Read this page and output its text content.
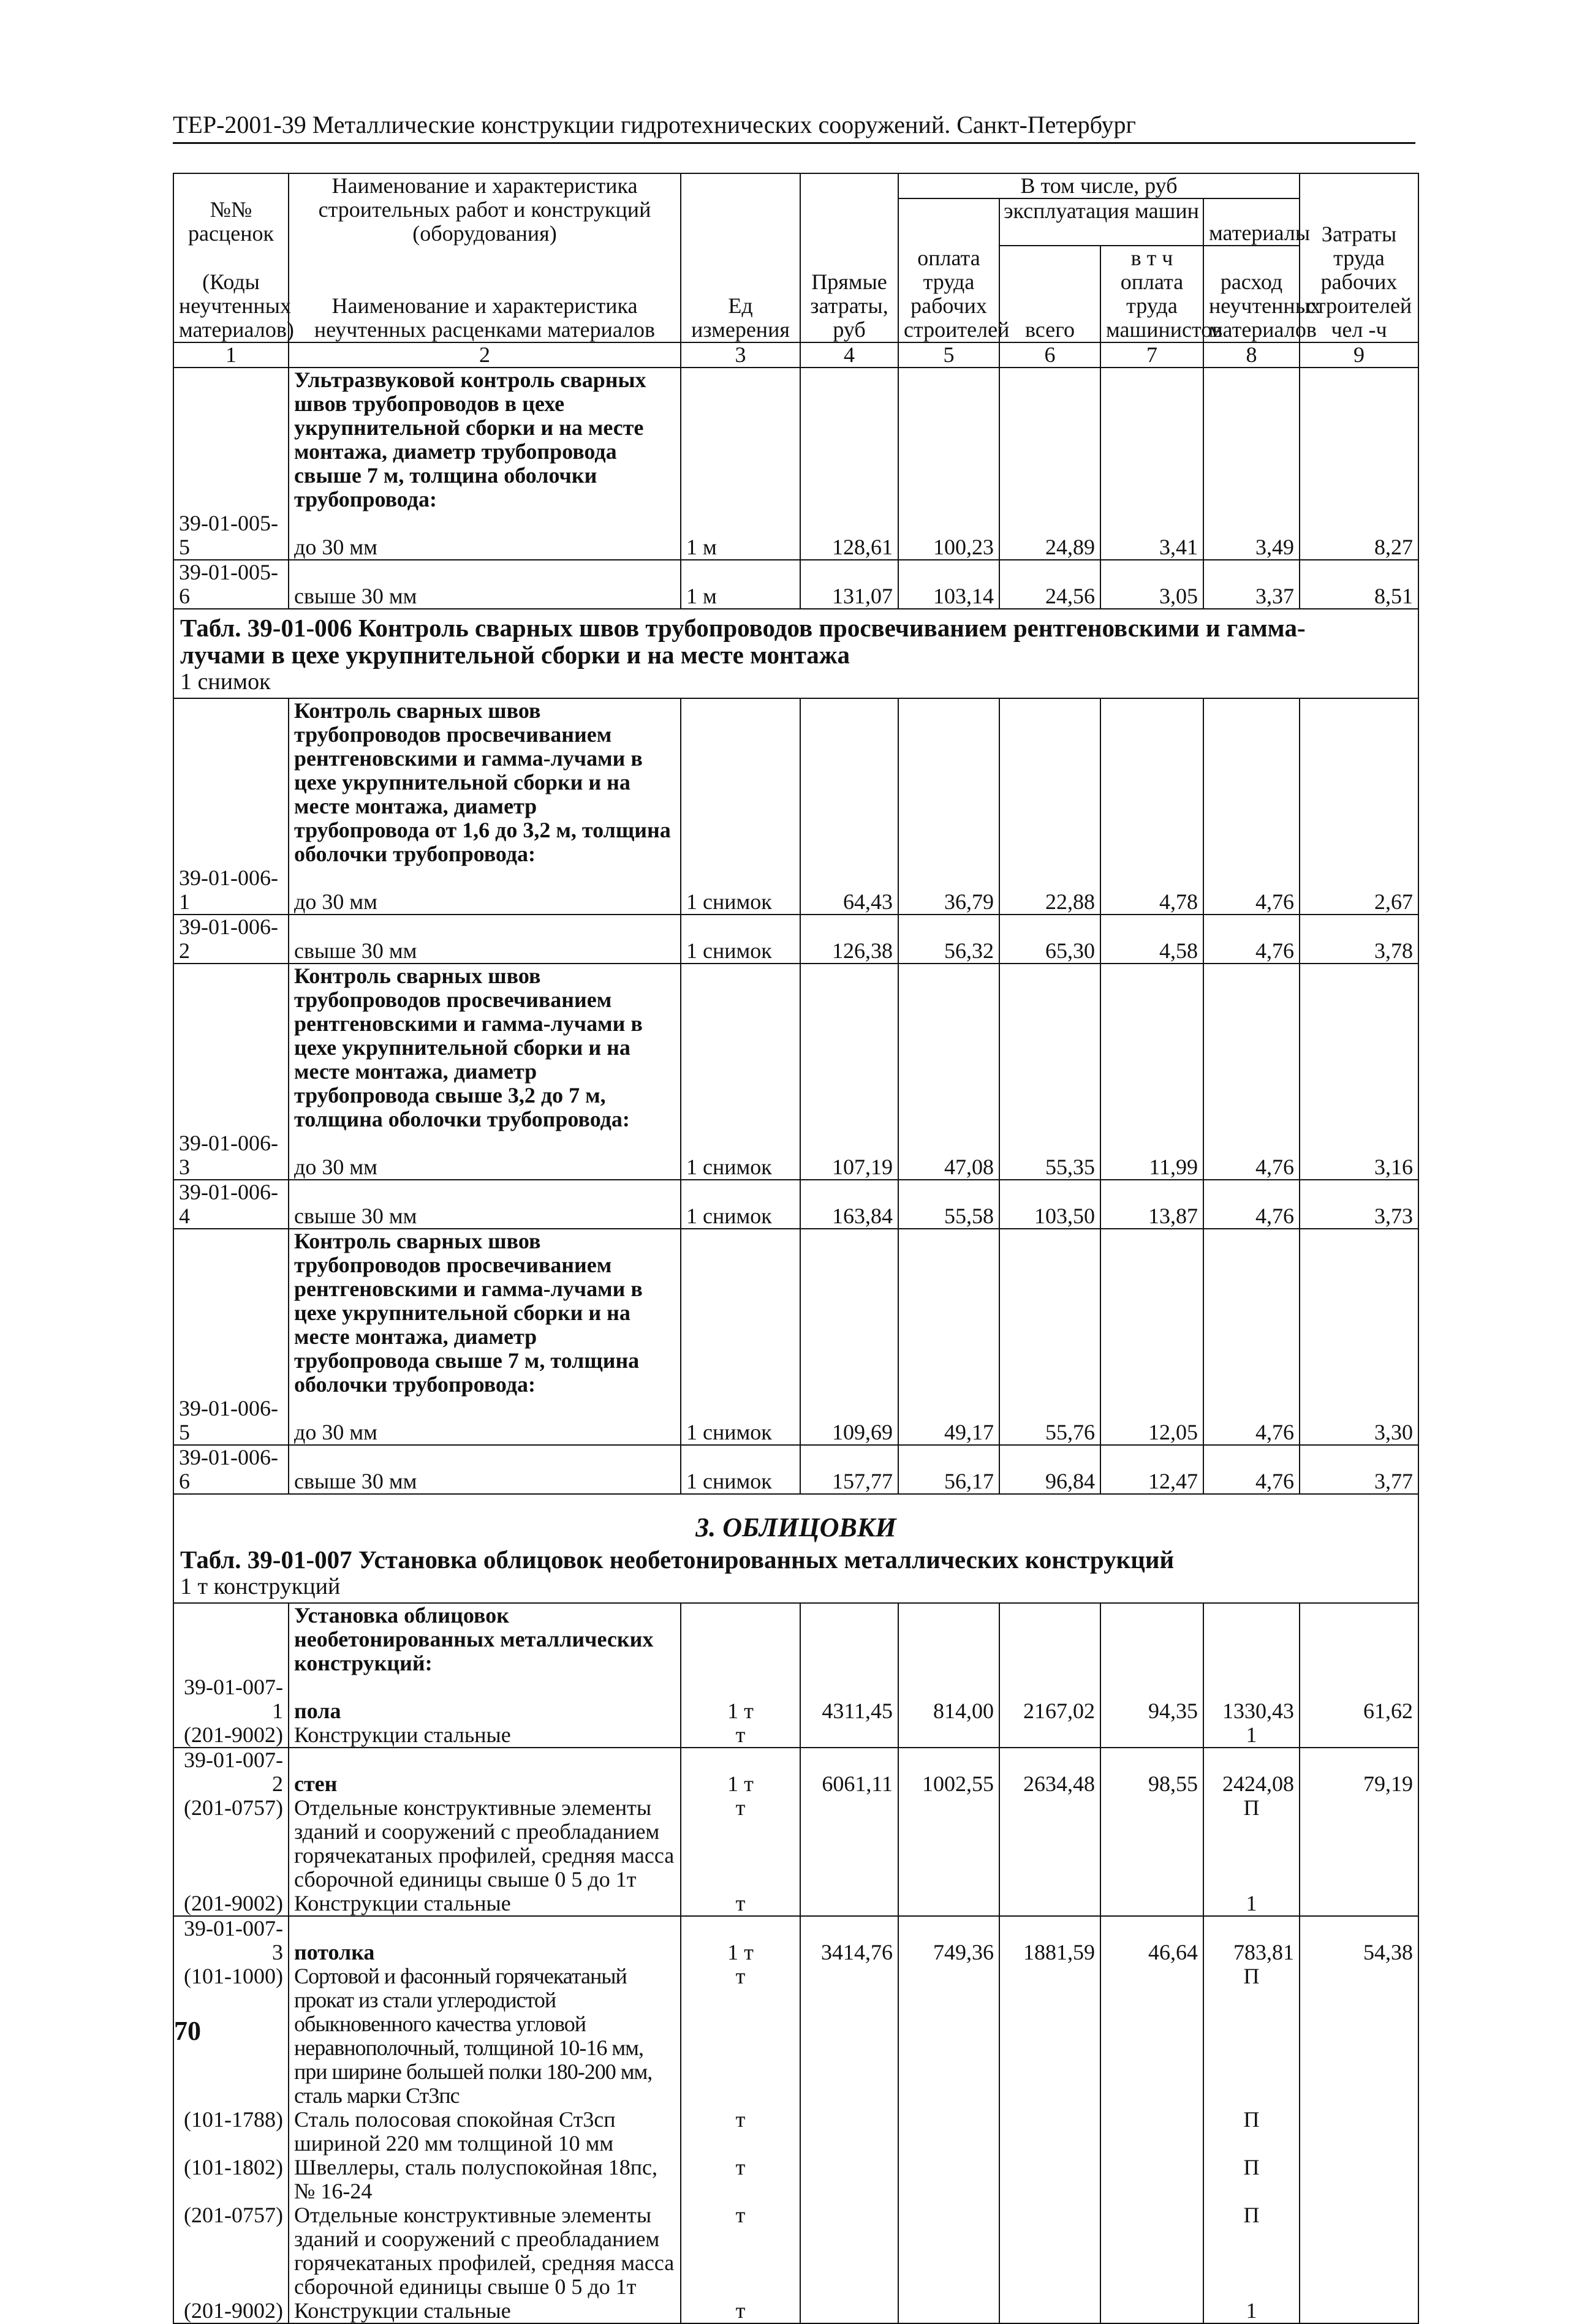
ТЕР-2001-39 Металлические конструкции гидротехнических сооружений. Санкт-Петербург
№№ расценок	Наименование и характеристика строительных работ и конструкций (оборудования)	Ед измерения	Прямые затраты, руб	В том числе, руб				Затраты труда рабочих строителей чел -ч
				оплата труда рабочих строителей	эксплуатация машин		материалы	
(Коды неучтенных материалов)	Наименование и характеристика неучтенных расценками материалов				всего	в т ч оплата труда машинистов	расход неучтенных материалов	

1	2	3	4	5	6	7	8	9
	Ультразвуковой контроль сварных швов трубопроводов в цехе укрупнительной сборки и на месте монтажа, диаметр трубопровода свыше 7 м, толщина оболочки трубопровода:							
39-01-005-5	до 30 мм	1 м	128,61	100,23	24,89	3,41	3,49	8,27
39-01-005-6	свыше 30 мм	1 м	131,07	103,14	24,56	3,05	3,37	8,51

Табл. 39-01-006 Контроль сварных швов трубопроводов просвечиванием рентгеновскими и гамма-лучами в цехе укрупнительной сборки и на месте монтажа
1 снимок								

	Контроль сварных швов трубопроводов просвечиванием рентгеновскими и гамма-лучами в цехе укрупнительной сборки и на месте монтажа, диаметр трубопровода от 1,6 до 3,2 м, толщина оболочки трубопровода:							
39-01-006-1	до 30 мм	1 снимок	64,43	36,79	22,88	4,78	4,76	2,67
39-01-006-2	свыше 30 мм	1 снимок	126,38	56,32	65,30	4,58	4,76	3,78
	Контроль сварных швов трубопроводов просвечиванием рентгеновскими и гамма-лучами в цехе укрупнительной сборки и на месте монтажа, диаметр трубопровода свыше 3,2 до 7 м, толщина оболочки трубопровода:							
39-01-006-3	до 30 мм	1 снимок	107,19	47,08	55,35	11,99	4,76	3,16
39-01-006-4	свыше 30 мм	1 снимок	163,84	55,58	103,50	13,87	4,76	3,73
	Контроль сварных швов трубопроводов просвечиванием рентгеновскими и гамма-лучами в цехе укрупнительной сборки и на месте монтажа, диаметр трубопровода свыше 7 м, толщина оболочки трубопровода:							
39-01-006-5	до 30 мм	1 снимок	109,69	49,17	55,76	12,05	4,76	3,30
39-01-006-6	свыше 30 мм	1 снимок	157,77	56,17	96,84	12,47	4,76	3,77

3. ОБЛИЦОВКИ
Табл. 39-01-007 Установка облицовок необетонированных металлических конструкций
1 т конструкций								

	Установка облицовок необетонированных металлических конструкций:							
39-01-007-1	пола	1 т	4311,45	814,00	2167,02	94,35	1330,43	61,62
(201-9002)	Конструкции стальные	т					1	
39-01-007-2	стен	1 т	6061,11	1002,55	2634,48	98,55	2424,08	79,19
(201-0757)	Отдельные конструктивные элементы зданий и сооружений с преобладанием горячекатаных профилей, средняя масса сборочной единицы свыше 0 5 до 1т	т					П	
(201-9002)	Конструкции стальные	т					1	
39-01-007-3	потолка	1 т	3414,76	749,36	1881,59	46,64	783,81	54,38
(101-1000)	Сортовой и фасонный горячекатаный прокат из стали углеродистой обыкновенного качества угловой неравнополочный, толщиной 10-16 мм, при ширине большей полки 180-200 мм, сталь марки Ст3пс	т					П	
(101-1788)	Сталь полосовая спокойная Ст3сп шириной 220 мм толщиной 10 мм	т					П	
(101-1802)	Швеллеры, сталь полуспокойная 18пс, № 16-24	т					П	
(201-0757)	Отдельные конструктивные элементы зданий и сооружений с преобладанием горячекатаных профилей, средняя масса сборочной единицы свыше 0 5 до 1т	т					П	
(201-9002)	Конструкции стальные	т					1	
70
